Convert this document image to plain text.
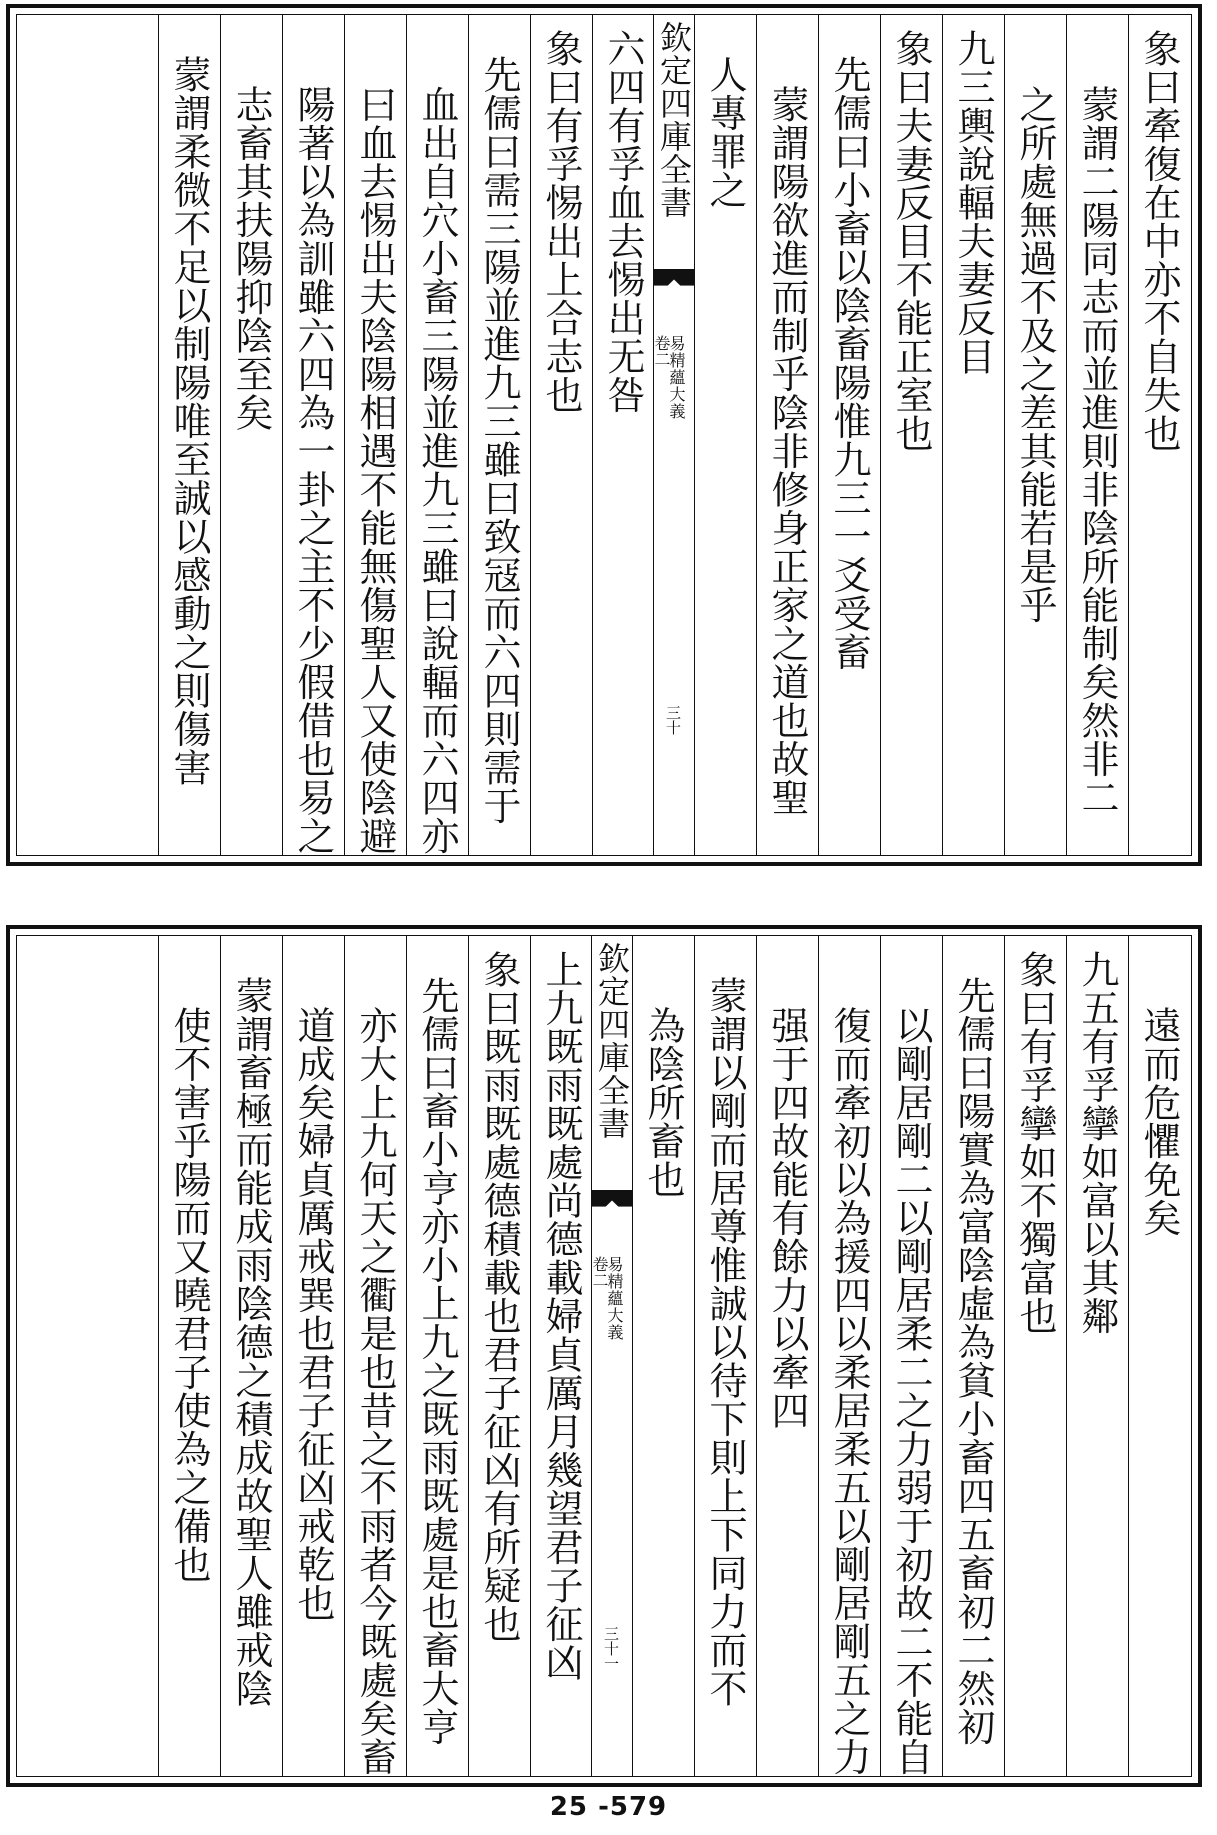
象曰牽復在中亦不自失也
蒙謂二陽同志而並進則非陰所能制矣然非二
之所處無過不及之差其能若是乎
九三輿說輻夫妻反目
象曰夫妻反目不能正室也
先儒曰小畜以陰畜陽惟九三一爻受畜
蒙謂陽欲進而制乎陰非修身正家之道也故聖
人專罪之
欽定四庫全書
易精蘊大義
卷二
三十
六四有孚血去惕出无咎
象曰有孚惕出上合志也
先儒曰需三陽並進九三雖曰致冦而六四則需于
血出自穴小畜三陽並進九三雖曰說輻而六四亦
曰血去惕出夫陰陽相遇不能無傷聖人又使陰避
陽著以為訓雖六四為一卦之主不少假借也易之
志畜其扶陽抑陰至矣
蒙謂柔微不足以制陽唯至誠以感動之則傷害
遠而危懼免矣
九五有孚攣如富以其鄰
象曰有孚攣如不獨富也
先儒曰陽實為富陰虛為貧小畜四五畜初二然初
以剛居剛二以剛居柔二之力弱于初故二不能自
復而牽初以為援四以柔居柔五以剛居剛五之力
强于四故能有餘力以牽四
蒙謂以剛而居尊惟誠以待下則上下同力而不
為陰所畜也
欽定四庫全書
易精蘊大義
卷二
三十一
上九既雨既處尚德載婦貞厲月幾望君子征凶
象曰既雨既處德積載也君子征凶有所疑也
先儒曰畜小亨亦小上九之既雨既處是也畜大亨
亦大上九何天之衢是也昔之不雨者今既處矣畜
道成矣婦貞厲戒巽也君子征凶戒乾也
蒙謂畜極而能成雨陰德之積成故聖人雖戒陰
使不害乎陽而又曉君子使為之備也
25 -579
